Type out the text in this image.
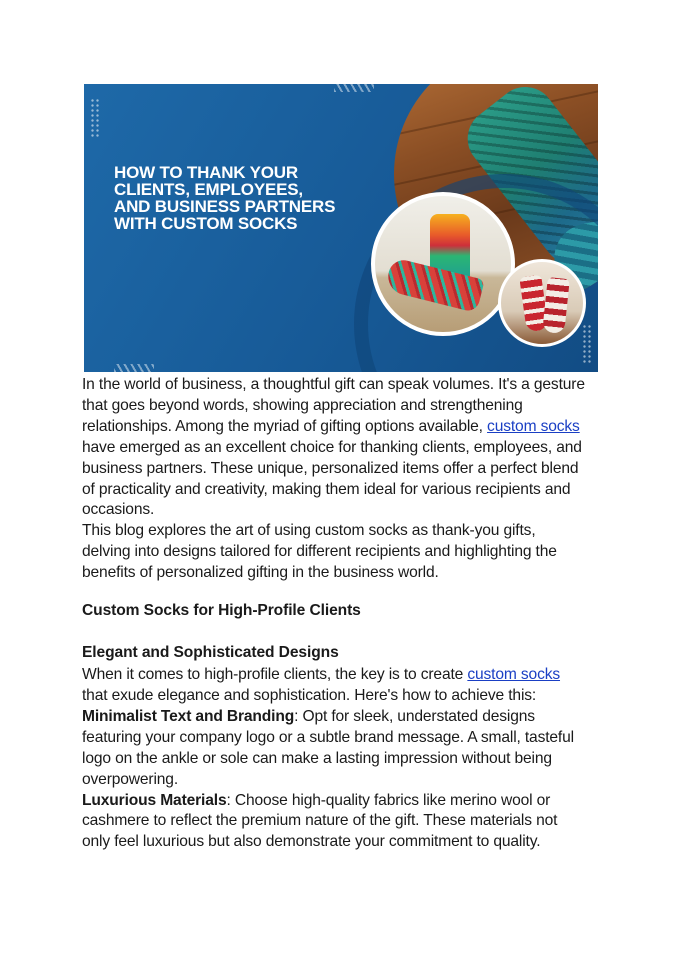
HOW TO THANK YOUR CLIENTS, EMPLOYEES, AND BUSINESS PARTNERS WITH CUSTOM SOCKS

In the world of business, a thoughtful gift can speak volumes. It's a gesture that goes beyond words, showing appreciation and strengthening relationships. Among the myriad of gifting options available, custom socks have emerged as an excellent choice for thanking clients, employees, and business partners. These unique, personalized items offer a perfect blend of practicality and creativity, making them ideal for various recipients and occasions.

This blog explores the art of using custom socks as thank-you gifts, delving into designs tailored for different recipients and highlighting the benefits of personalized gifting in the business world.

Custom Socks for High-Profile Clients
Elegant and Sophisticated Designs

When it comes to high-profile clients, the key is to create custom socks that exude elegance and sophistication. Here's how to achieve this:

Minimalist Text and Branding: Opt for sleek, understated designs featuring your company logo or a subtle brand message. A small, tasteful logo on the ankle or sole can make a lasting impression without being overpowering.

Luxurious Materials: Choose high-quality fabrics like merino wool or cashmere to reflect the premium nature of the gift. These materials not only feel luxurious but also demonstrate your commitment to quality.
